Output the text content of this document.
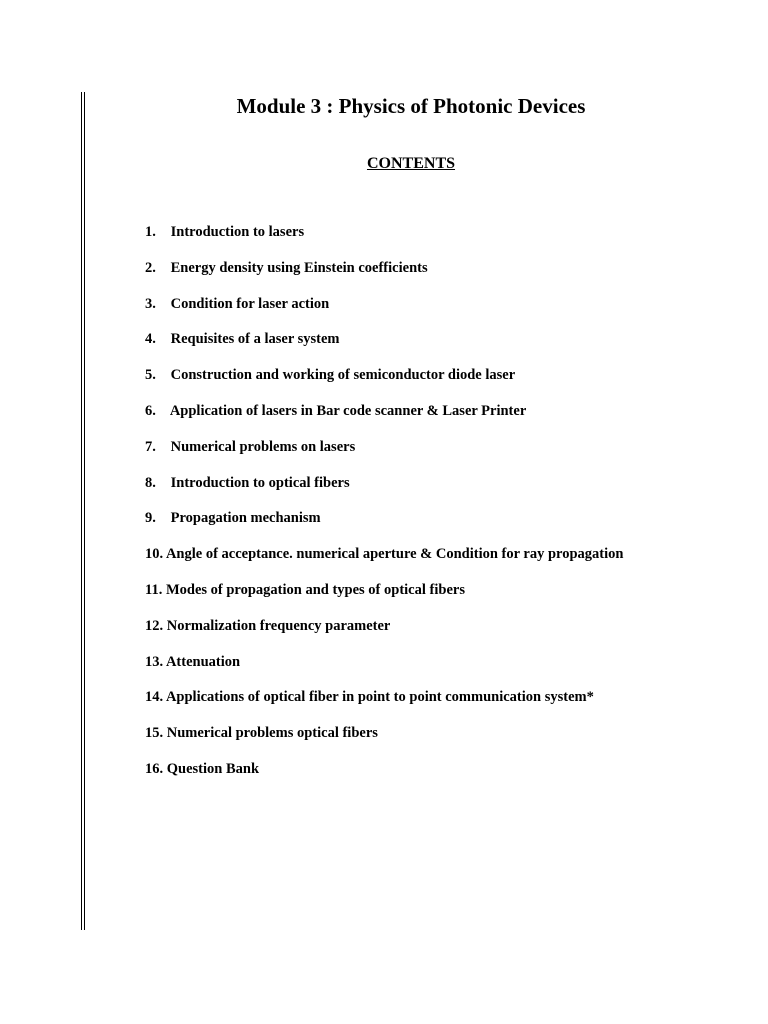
Module 3 : Physics of Photonic Devices
CONTENTS
1. Introduction to lasers
2. Energy density using Einstein coefficients
3. Condition for laser action
4. Requisites of a laser system
5. Construction and working of semiconductor diode laser
6. Application of lasers in Bar code scanner & Laser Printer
7. Numerical problems on lasers
8. Introduction to optical fibers
9. Propagation mechanism
10. Angle of acceptance. numerical aperture & Condition for ray propagation
11. Modes of propagation and types of optical fibers
12. Normalization frequency parameter
13. Attenuation
14. Applications of optical fiber in point to point communication system*
15. Numerical problems optical fibers
16. Question Bank
